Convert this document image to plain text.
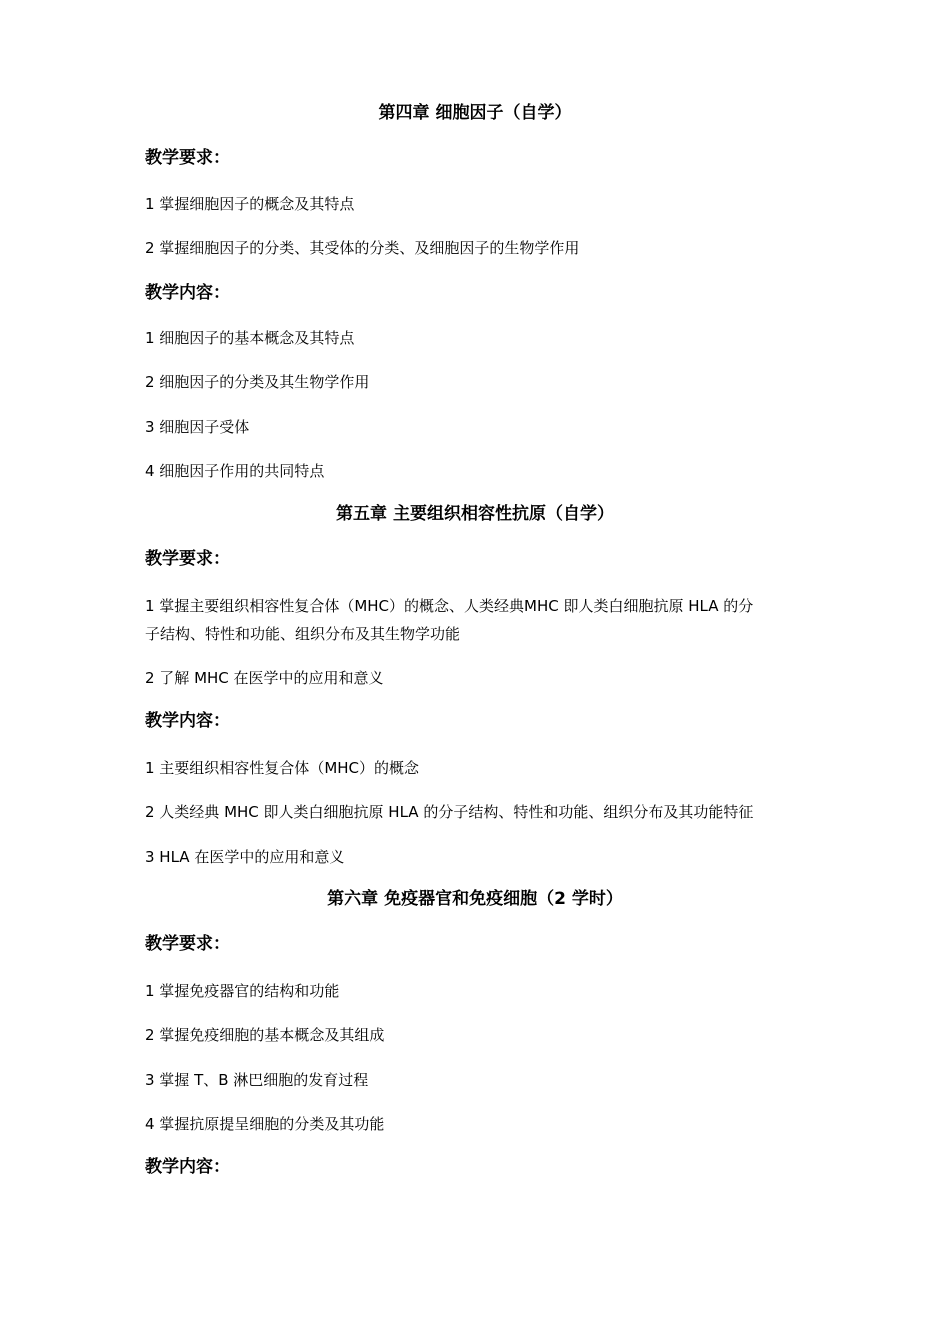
第四章 细胞因子（自学）
教学要求：
1 掌握细胞因子的概念及其特点
2 掌握细胞因子的分类、其受体的分类、及细胞因子的生物学作用
教学内容：
1 细胞因子的基本概念及其特点
2 细胞因子的分类及其生物学作用
3 细胞因子受体
4 细胞因子作用的共同特点
第五章 主要组织相容性抗原（自学）
教学要求：
1 掌握主要组织相容性复合体（MHC）的概念、人类经典MHC 即人类白细胞抗原 HLA 的分
子结构、特性和功能、组织分布及其生物学功能
2 了解 MHC 在医学中的应用和意义
教学内容：
1 主要组织相容性复合体（MHC）的概念
2 人类经典 MHC 即人类白细胞抗原 HLA 的分子结构、特性和功能、组织分布及其功能特征
3 HLA 在医学中的应用和意义
第六章 免疫器官和免疫细胞（2 学时）
教学要求：
1 掌握免疫器官的结构和功能
2 掌握免疫细胞的基本概念及其组成
3 掌握 T、B 淋巴细胞的发育过程
4 掌握抗原提呈细胞的分类及其功能
教学内容：
